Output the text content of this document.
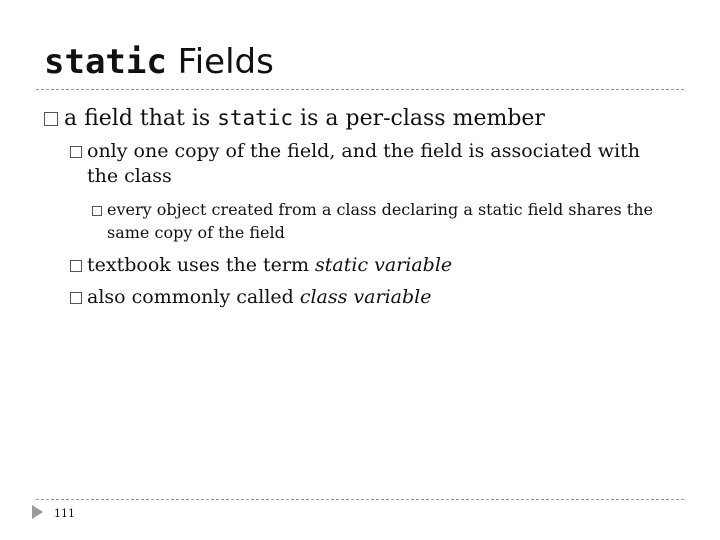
static Fields
a field that is static is a per-class member
only one copy of the field, and the field is associated with
the class
every object created from a class declaring a static field shares the
same copy of the field
textbook uses the term static variable
also commonly called class variable
111
